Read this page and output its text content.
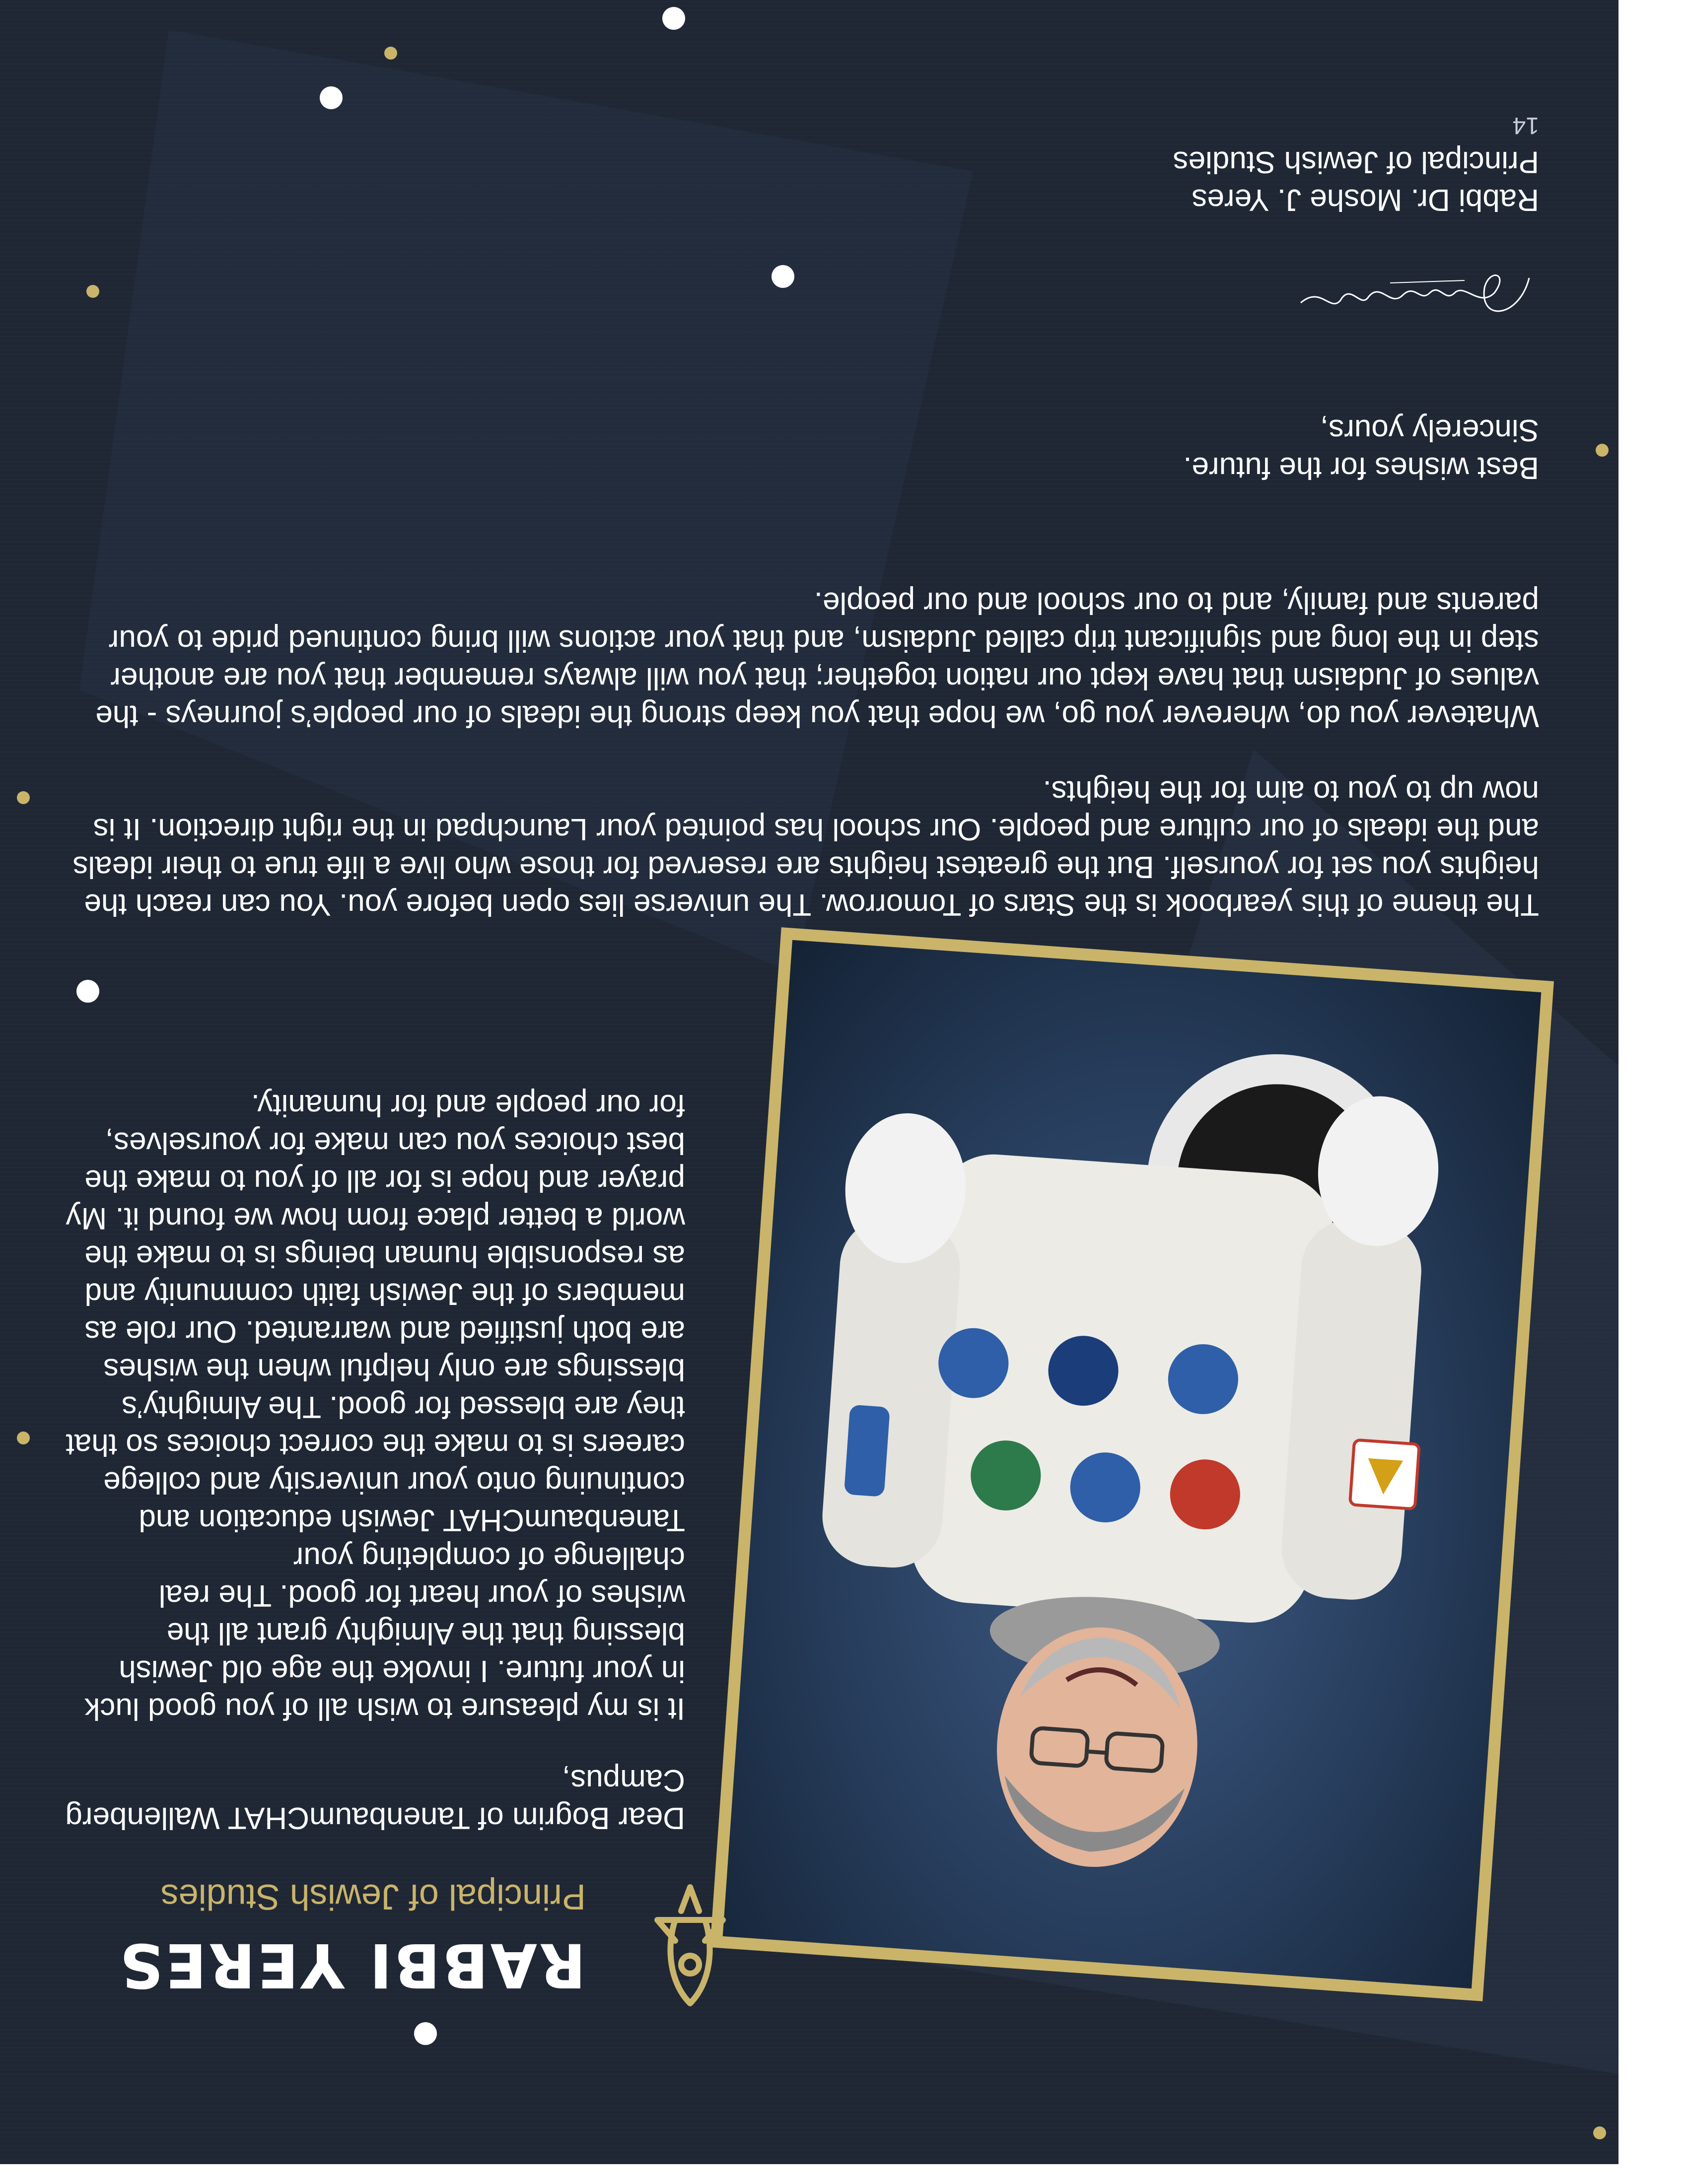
RABBI YERES
Principal of Jewish Studies

Dear Bogrim of TanenbaumCHAT Wallenberg Campus,

It is my pleasure to wish all of you good luck in your future. I invoke the age old Jewish blessing that the Almighty grant all the wishes of your heart for good. The real challenge of completing your TanenbaumCHAT Jewish education and continuing onto your university and college careers is to make the correct choices so that they are blessed for good. The Almighty’s blessings are only helpful when the wishes are both justified and warranted. Our role as members of the Jewish faith community and as responsible human beings is to make the world a better place from how we found it. My prayer and hope is for all of you to make the best choices you can make for yourselves, for our people and for humanity.

The theme of this yearbook is the Stars of Tomorrow. The universe lies open before you. You can reach the heights you set for yourself. But the greatest heights are reserved for those who live a life true to their ideals and the ideals of our culture and people. Our school has pointed your Launchpad in the right direction. It is now up to you to aim for the heights.

Whatever you do, wherever you go, we hope that you keep strong the ideals of our people’s journeys - the values of Judaism that have kept our nation together; that you will always remember that you are another step in the long and significant trip called Judaism, and that your actions will bring continued pride to your parents and family, and to our school and our people.

Best wishes for the future.

Sincerely yours,

Rabbi Dr. Moshe J. Yeres
Principal of Jewish Studies
14
